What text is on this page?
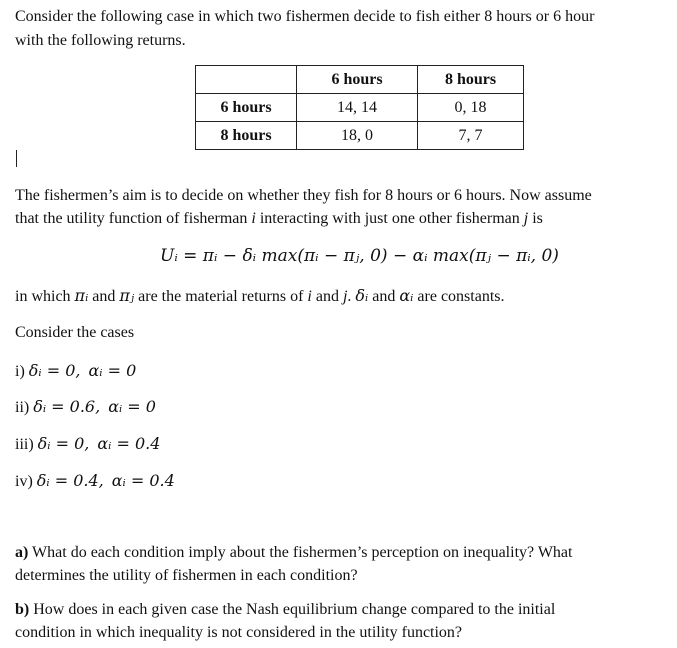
Consider the following case in which two fishermen decide to fish either 8 hours or 6 hour
with the following returns.
	6 hours	8 hours
6 hours	14, 14	0, 18
8 hours	18, 0	7, 7
The fishermen’s aim is to decide on whether they fish for 8 hours or 6 hours. Now assume
that the utility function of fisherman i interacting with just one other fisherman j is
Uᵢ = πᵢ − δᵢ max(πᵢ − πⱼ, 0) − αᵢ max(πⱼ − πᵢ, 0)
in which πᵢ and πⱼ are the material returns of i and j. δᵢ and αᵢ are constants.
Consider the cases
i) δᵢ = 0, αᵢ = 0
ii) δᵢ = 0.6, αᵢ = 0
iii) δᵢ = 0, αᵢ = 0.4
iv) δᵢ = 0.4, αᵢ = 0.4
a) What do each condition imply about the fishermen’s perception on inequality? What
determines the utility of fishermen in each condition?
b) How does in each given case the Nash equilibrium change compared to the initial
condition in which inequality is not considered in the utility function?
